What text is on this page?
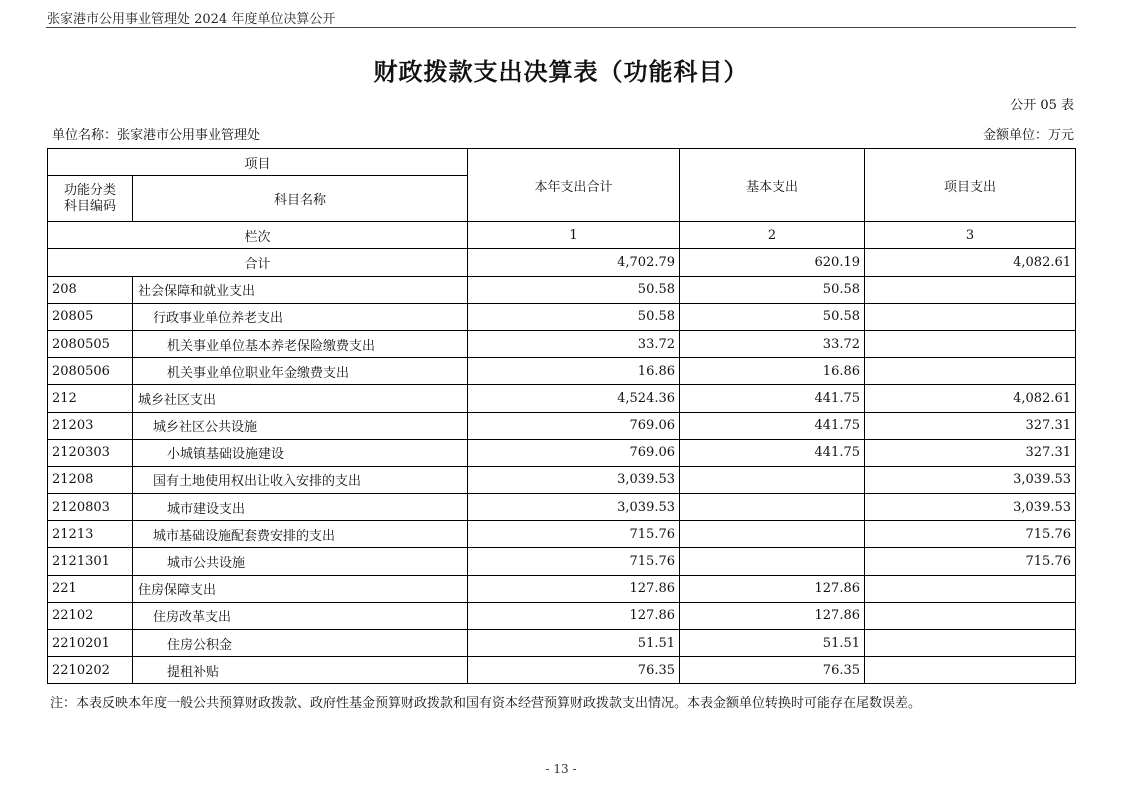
张家港市公用事业管理处 2024 年度单位决算公开
财政拨款支出决算表（功能科目）
公开 05 表
单位名称：张家港市公用事业管理处	金额单位：万元
项目		本年支出合计	基本支出	项目支出
功能分类
科目编码	科目名称			
栏次		1	2	3
合计		4,702.79	620.19	4,082.61
208	社会保障和就业支出	50.58	50.58	
20805	行政事业单位养老支出	50.58	50.58	
2080505	机关事业单位基本养老保险缴费支出	33.72	33.72	
2080506	机关事业单位职业年金缴费支出	16.86	16.86	
212	城乡社区支出	4,524.36	441.75	4,082.61
21203	城乡社区公共设施	769.06	441.75	327.31
2120303	小城镇基础设施建设	769.06	441.75	327.31
21208	国有土地使用权出让收入安排的支出	3,039.53		3,039.53
2120803	城市建设支出	3,039.53		3,039.53
21213	城市基础设施配套费安排的支出	715.76		715.76
2121301	城市公共设施	715.76		715.76
221	住房保障支出	127.86	127.86	
22102	住房改革支出	127.86	127.86	
2210201	住房公积金	51.51	51.51	
2210202	提租补贴	76.35	76.35	
注：本表反映本年度一般公共预算财政拨款、政府性基金预算财政拨款和国有资本经营预算财政拨款支出情况。本表金额单位转换时可能存在尾数误差。
- 13 -
